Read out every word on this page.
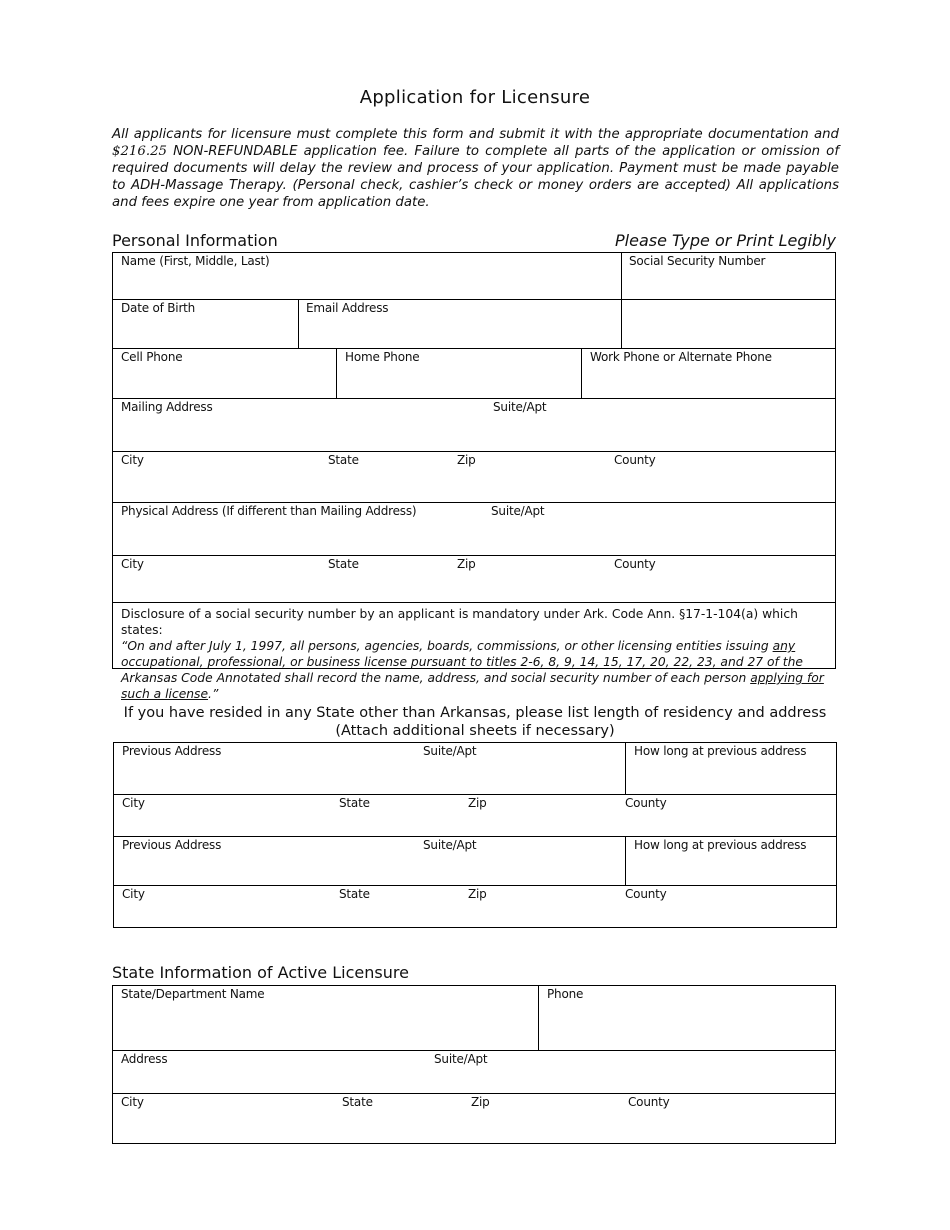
Application for Licensure

All applicants for licensure must complete this form and submit it with the appropriate documentation and $216.25 NON-REFUNDABLE application fee. Failure to complete all parts of the application or omission of required documents will delay the review and process of your application. Payment must be made payable to ADH-Massage Therapy. (Personal check, cashier’s check or money orders are accepted) All applications and fees expire one year from application date.

Personal Information	Please Type or Print Legibly
Name (First, Middle, Last)	Social Security Number
Date of Birth	Email Address
Cell Phone	Home Phone	Work Phone or Alternate Phone
Mailing Address	Suite/Apt
City	State	Zip	County
Physical Address (If different than Mailing Address)	Suite/Apt
City	State	Zip	County

Disclosure of a social security number by an applicant is mandatory under Ark. Code Ann. §17-1-104(a) which states:
“On and after July 1, 1997, all persons, agencies, boards, commissions, or other licensing entities issuing any occupational, professional, or business license pursuant to titles 2-6, 8, 9, 14, 15, 17, 20, 22, 23, and 27 of the Arkansas Code Annotated shall record the name, address, and social security number of each person applying for such a license.”

If you have resided in any State other than Arkansas, please list length of residency and address
(Attach additional sheets if necessary)
Previous Address	Suite/Apt	How long at previous address
City	State	Zip	County
Previous Address	Suite/Apt	How long at previous address
City	State	Zip	County
State Information of Active Licensure
State/Department Name	Phone
Address	Suite/Apt
City	State	Zip	County
